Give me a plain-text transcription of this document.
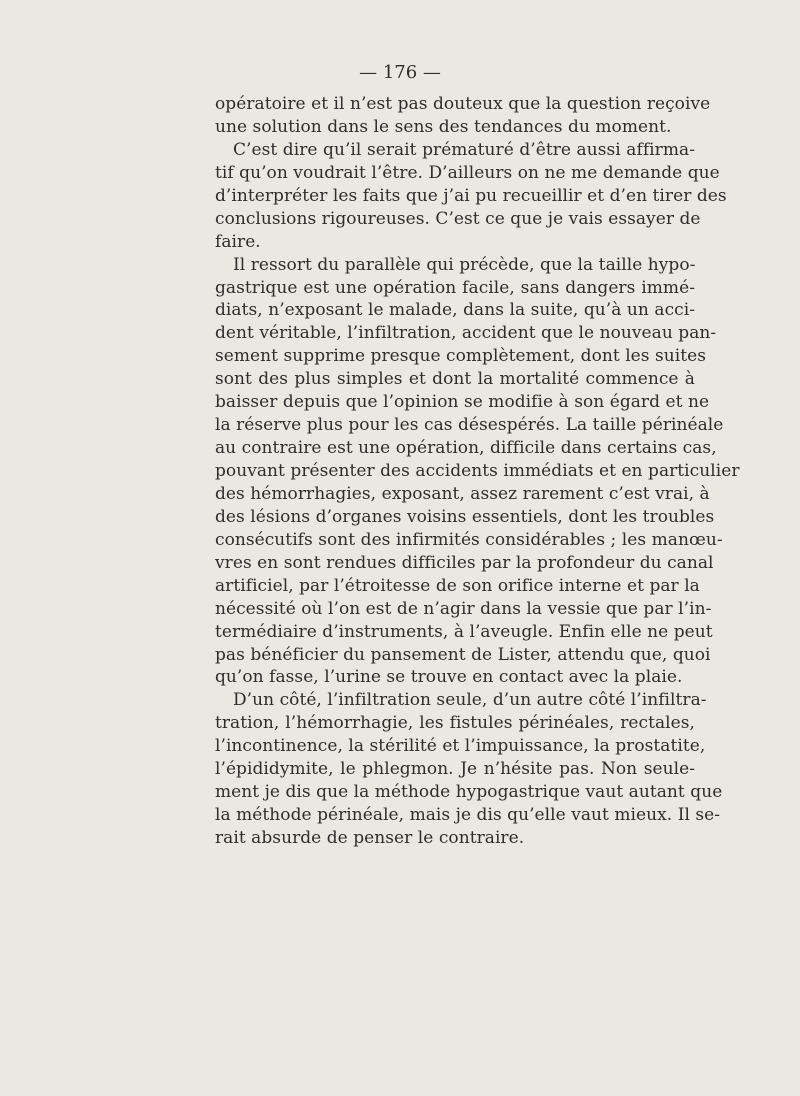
— 176 —
opératoire et il n’est pas douteux que la question reçoive
une solution dans le sens des tendances du moment.
C’est dire qu’il serait prématuré d’être aussi affirma-
tif qu’on voudrait l’être. D’ailleurs on ne me demande que
d’interpréter les faits que j’ai pu recueillir et d’en tirer des
conclusions rigoureuses. C’est ce que je vais essayer de
faire.
Il ressort du parallèle qui précède, que la taille hypo-
gastrique est une opération facile, sans dangers immé-
diats, n’exposant le malade, dans la suite, qu’à un acci-
dent véritable, l’infiltration, accident que le nouveau pan-
sement supprime presque complètement, dont les suites
sont des plus simples et dont la mortalité commence à
baisser depuis que l’opinion se modifie à son égard et ne
la réserve plus pour les cas désespérés. La taille périnéale
au contraire est une opération, difficile dans certains cas,
pouvant présenter des accidents immédiats et en particulier
des hémorrhagies, exposant, assez rarement c’est vrai, à
des lésions d’organes voisins essentiels, dont les troubles
consécutifs sont des infirmités considérables ; les manœu-
vres en sont rendues difficiles par la profondeur du canal
artificiel, par l’étroitesse de son orifice interne et par la
nécessité où l’on est de n’agir dans la vessie que par l’in-
termédiaire d’instruments, à l’aveugle. Enfin elle ne peut
pas bénéficier du pansement de Lister, attendu que, quoi
qu’on fasse, l’urine se trouve en contact avec la plaie.
D’un côté, l’infiltration seule, d’un autre côté l’infiltra-
tration, l’hémorrhagie, les fistules périnéales, rectales,
l’incontinence, la stérilité et l’impuissance, la prostatite,
l’épididymite, le phlegmon. Je n’hésite pas. Non seule-
ment je dis que la méthode hypogastrique vaut autant que
la méthode périnéale, mais je dis qu’elle vaut mieux. Il se-
rait absurde de penser le contraire.
